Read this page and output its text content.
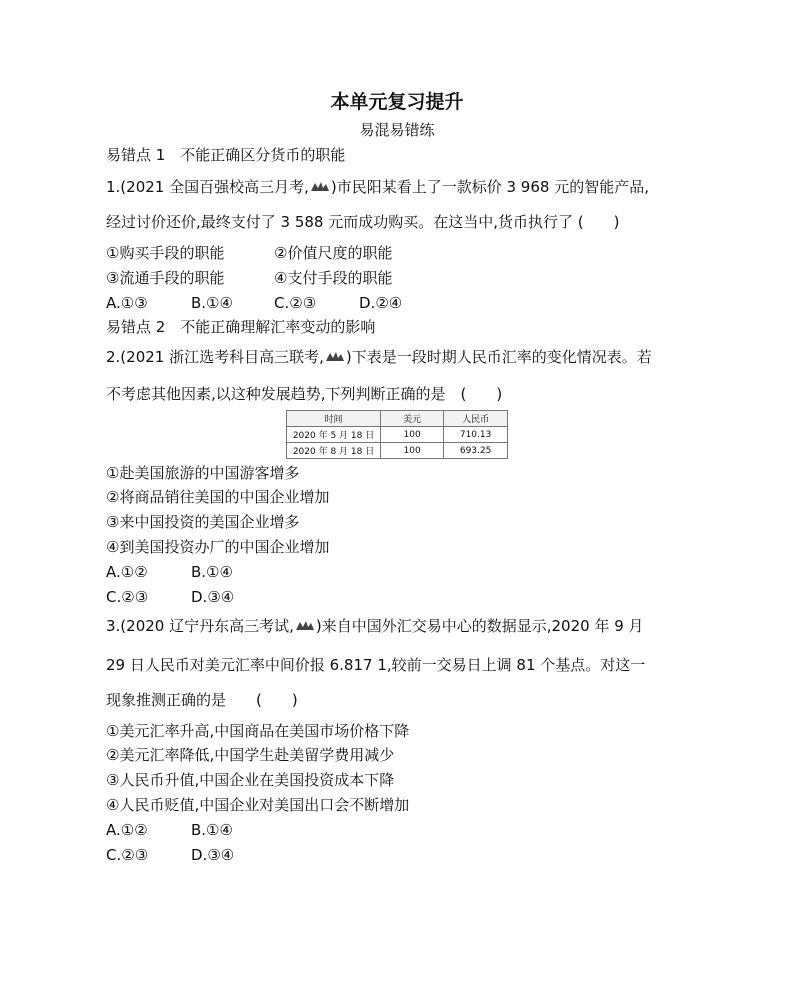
本单元复习提升
易混易错练
易错点 1　不能正确区分货币的职能
1.(2021 全国百强校高三月考, )市民阳某看上了一款标价 3 968 元的智能产品,
经过讨价还价,最终支付了 3 588 元而成功购买。在这当中,货币执行了 (　　)
①购买手段的职能	②价值尺度的职能
③流通手段的职能	④支付手段的职能
A.①③	B.①④	C.②③	D.②④
易错点 2　不能正确理解汇率变动的影响
2.(2021 浙江选考科目高三联考, )下表是一段时期人民币汇率的变化情况表。若
不考虑其他因素,以这种发展趋势,下列判断正确的是　(　　)
时间	美元	人民币
2020 年 5 月 18 日	100	710.13
2020 年 8 月 18 日	100	693.25
①赴美国旅游的中国游客增多
②将商品销往美国的中国企业增加
③来中国投资的美国企业增多
④到美国投资办厂的中国企业增加
A.①②	B.①④
C.②③	D.③④
3.(2020 辽宁丹东高三考试, )来自中国外汇交易中心的数据显示,2020 年 9 月
29 日人民币对美元汇率中间价报 6.817 1,较前一交易日上调 81 个基点。对这一
现象推测正确的是　　(　　)
①美元汇率升高,中国商品在美国市场价格下降
②美元汇率降低,中国学生赴美留学费用减少
③人民币升值,中国企业在美国投资成本下降
④人民币贬值,中国企业对美国出口会不断增加
A.①②	B.①④
C.②③	D.③④
